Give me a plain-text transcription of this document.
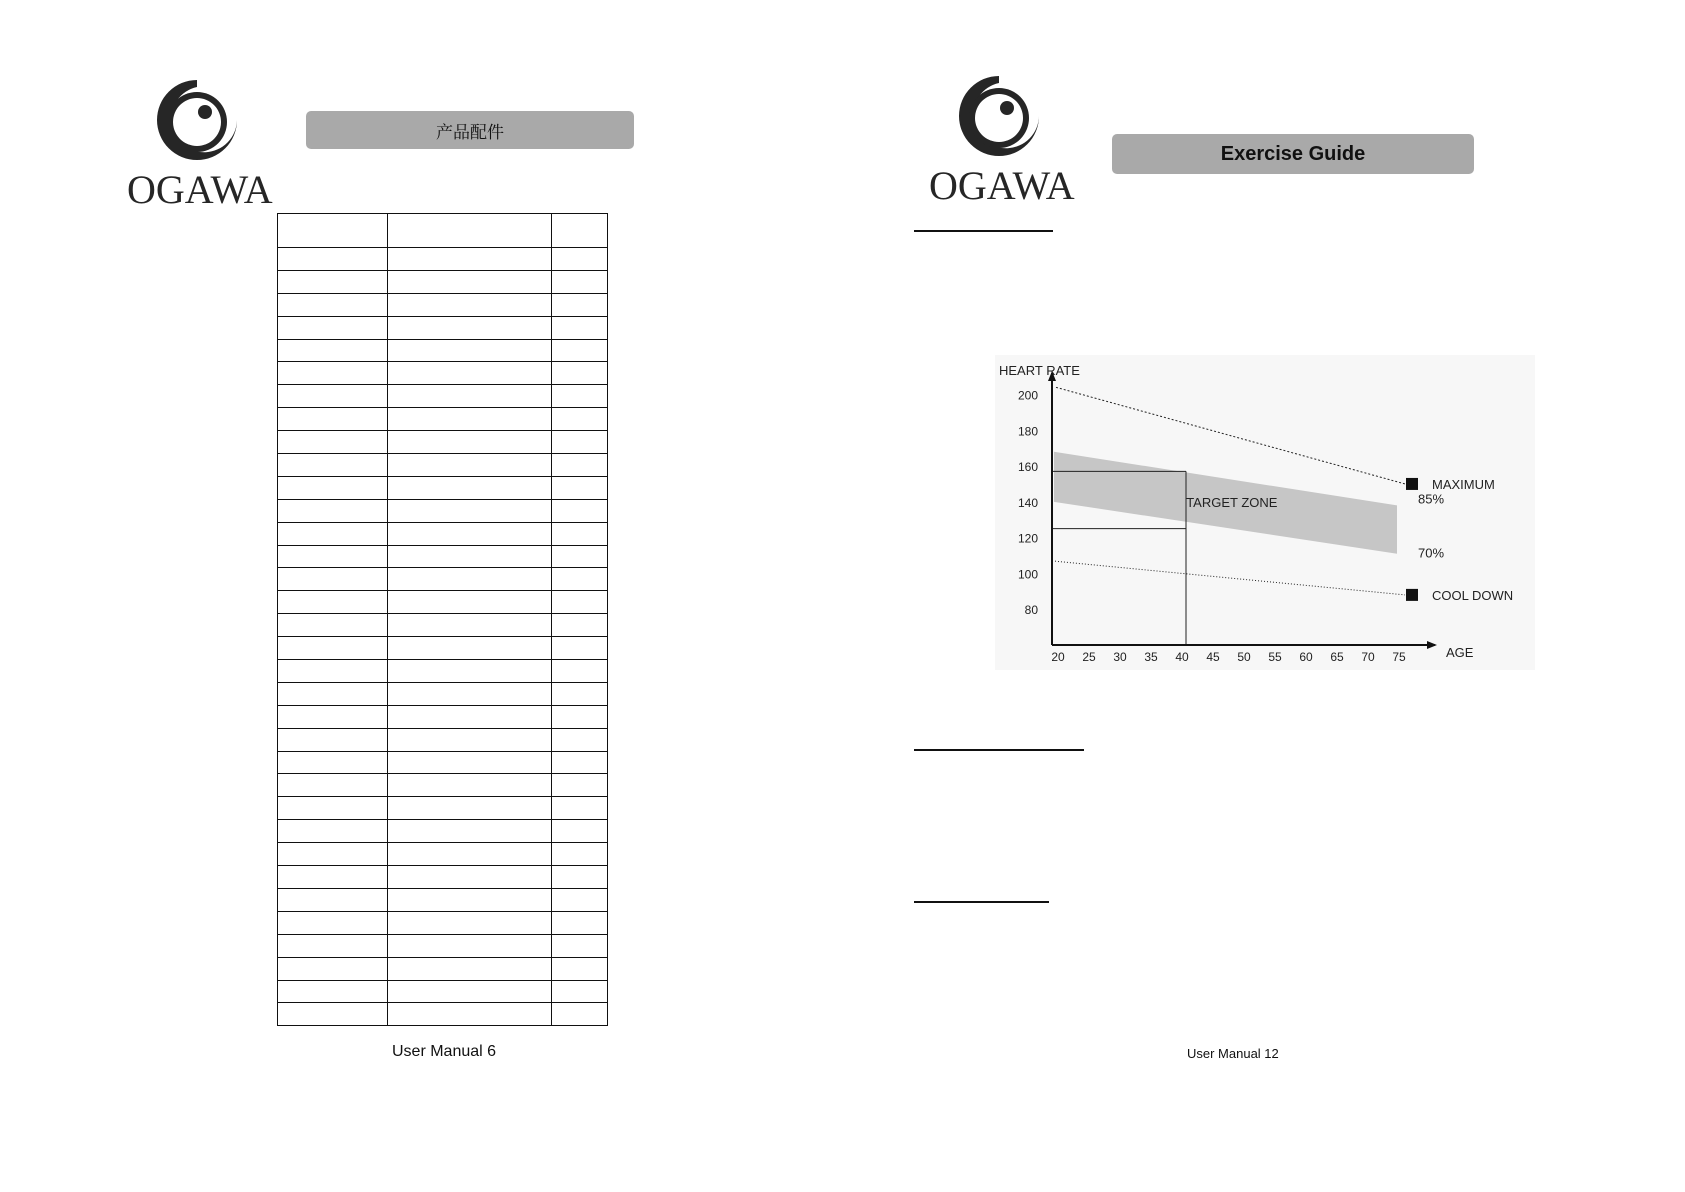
OGAWA
产品配件

User Manual 6
OGAWA
Exercise Guide
HEART RATE
AGE
80
100
120
140
160
180
200
20 25 30 35 40 45 50 55 60 65 70 75
TARGET ZONE
MAXIMUM
85%
70%
COOL DOWN
User Manual 12
